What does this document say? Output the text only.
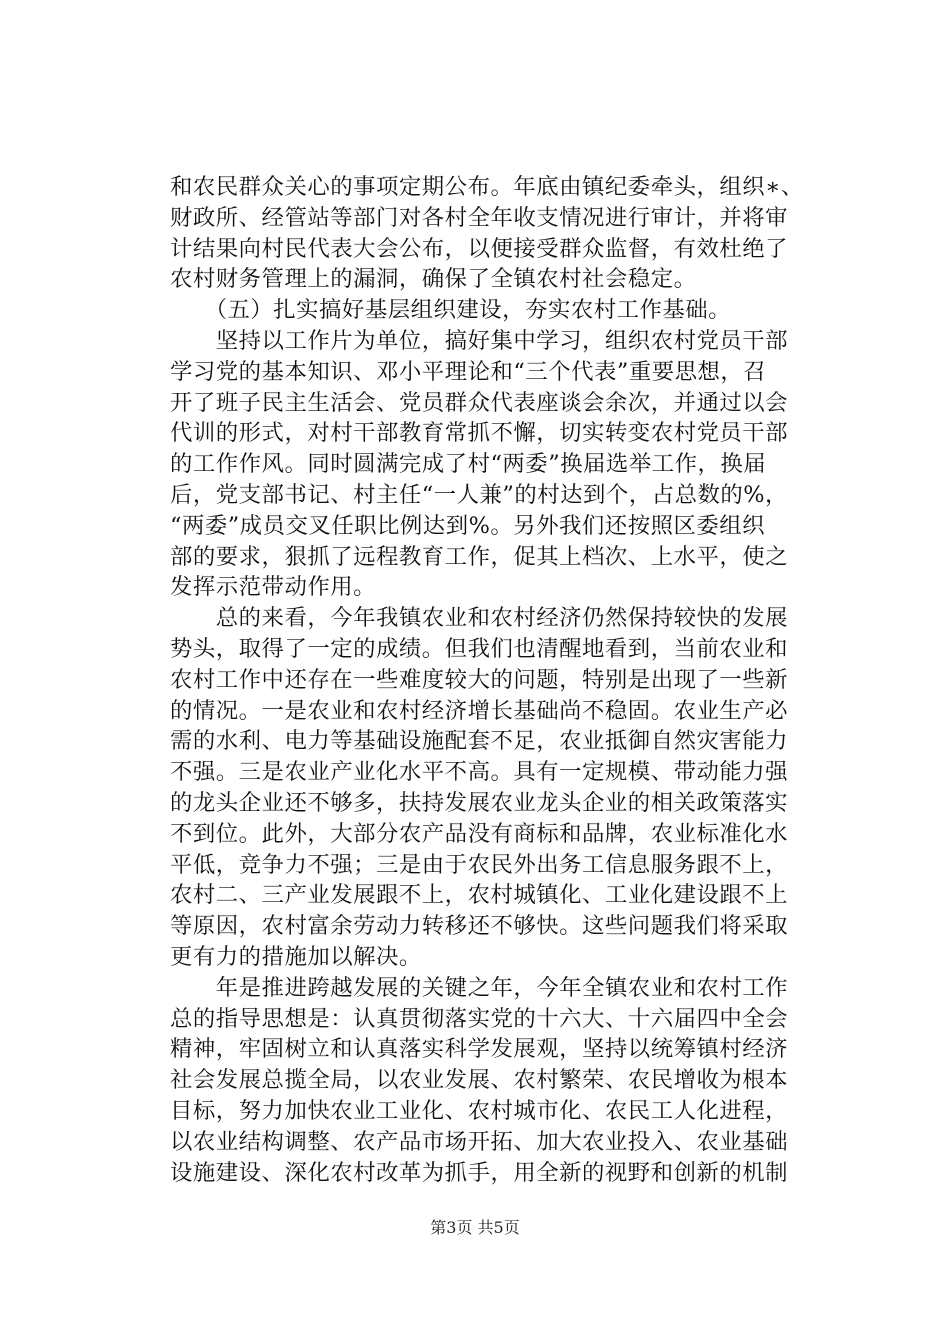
和农民群众关心的事项定期公布。年底由镇纪委牵头，组织∗、
财政所、经管站等部门对各村全年收支情况进行审计，并将审
计结果向村民代表大会公布，以便接受群众监督，有效杜绝了
农村财务管理上的漏洞，确保了全镇农村社会稳定。
　　（五）扎实搞好基层组织建设，夯实农村工作基础。
　　坚持以工作片为单位，搞好集中学习，组织农村党员干部
学习党的基本知识、邓小平理论和“三个代表”重要思想，召
开了班子民主生活会、党员群众代表座谈会余次，并通过以会
代训的形式，对村干部教育常抓不懈，切实转变农村党员干部
的工作作风。同时圆满完成了村“两委”换届选举工作，换届
后，党支部书记、村主任“一人兼”的村达到个，占总数的%，
“两委”成员交叉任职比例达到%。另外我们还按照区委组织
部的要求，狠抓了远程教育工作，促其上档次、上水平，使之
发挥示范带动作用。
　　总的来看，今年我镇农业和农村经济仍然保持较快的发展
势头，取得了一定的成绩。但我们也清醒地看到，当前农业和
农村工作中还存在一些难度较大的问题，特别是出现了一些新
的情况。一是农业和农村经济增长基础尚不稳固。农业生产必
需的水利、电力等基础设施配套不足，农业抵御自然灾害能力
不强。三是农业产业化水平不高。具有一定规模、带动能力强
的龙头企业还不够多，扶持发展农业龙头企业的相关政策落实
不到位。此外，大部分农产品没有商标和品牌，农业标准化水
平低，竞争力不强；三是由于农民外出务工信息服务跟不上，
农村二、三产业发展跟不上，农村城镇化、工业化建设跟不上
等原因，农村富余劳动力转移还不够快。这些问题我们将采取
更有力的措施加以解决。
　　年是推进跨越发展的关键之年，今年全镇农业和农村工作
总的指导思想是：认真贯彻落实党的十六大、十六届四中全会
精神，牢固树立和认真落实科学发展观，坚持以统筹镇村经济
社会发展总揽全局，以农业发展、农村繁荣、农民增收为根本
目标，努力加快农业工业化、农村城市化、农民工人化进程，
以农业结构调整、农产品市场开拓、加大农业投入、农业基础
设施建设、深化农村改革为抓手，用全新的视野和创新的机制
第3页 共5页
